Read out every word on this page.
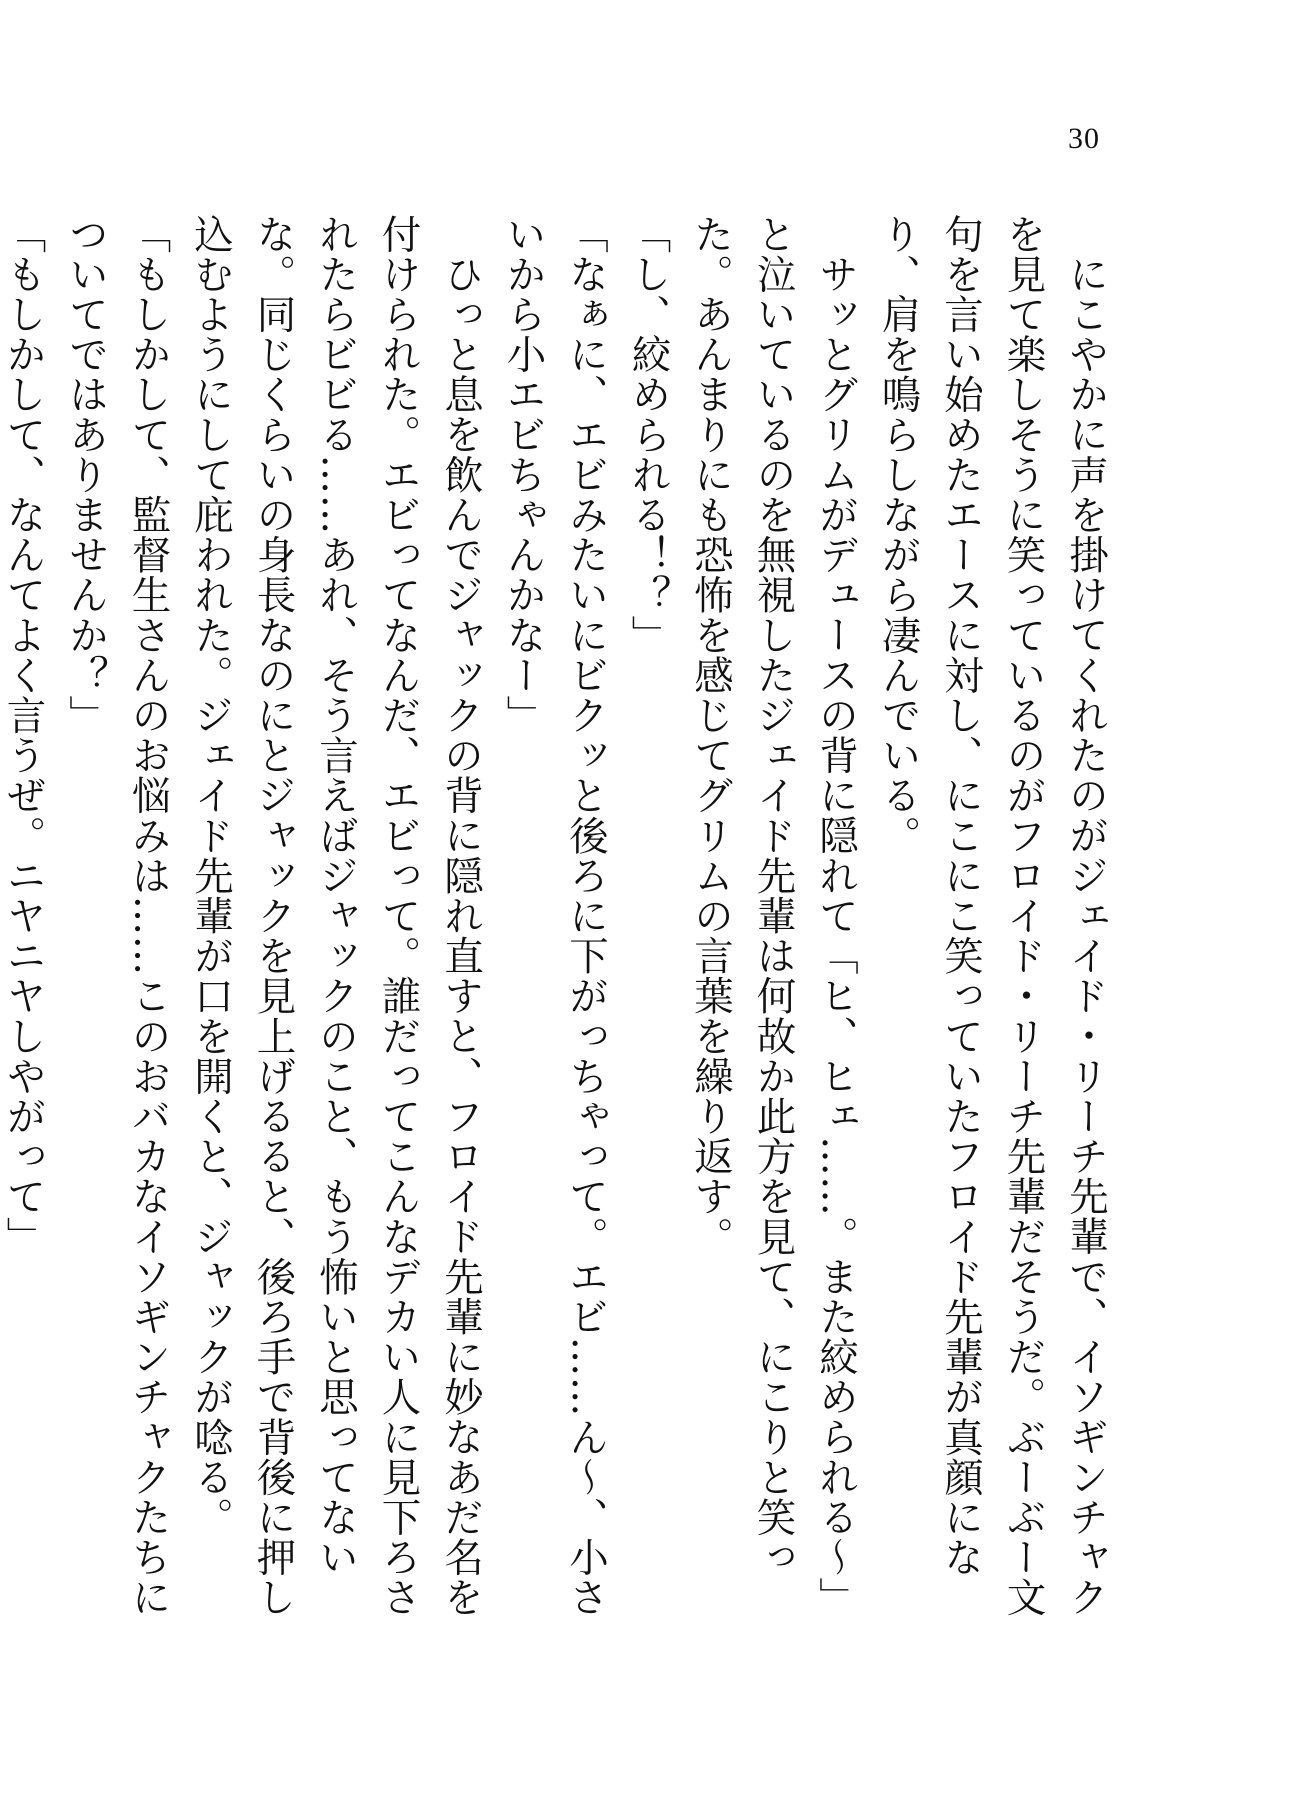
30

にこやかに声を掛けてくれたのがジェイド・リーチ先輩で、イソギンチャクを見て楽しそうに笑っているのがフロイド・リーチ先輩だそうだ。ぶーぶー文句を言い始めたエースに対し、にこにこ笑っていたフロイド先輩が真顔になり、肩を鳴らしながら凄んでいる。

サッとグリムがデュースの背に隠れて「ヒ、ヒェ……。また絞められる～」と泣いているのを無視したジェイド先輩は何故か此方を見て、にこりと笑った。あんまりにも恐怖を感じてグリムの言葉を繰り返す。

「し、絞められる！？」

「なぁに、エビみたいにビクッと後ろに下がっちゃって。エビ……ん～、小さいから小エビちゃんかなー」

ひっと息を飲んでジャックの背に隠れ直すと、フロイド先輩に妙なあだ名を付けられた。エビってなんだ、エビって。誰だってこんなデカい人に見下ろされたらビビる……あれ、そう言えばジャックのこと、もう怖いと思ってないな。同じくらいの身長なのにとジャックを見上げるると、後ろ手で背後に押し込むようにして庇われた。ジェイド先輩が口を開くと、ジャックが唸る。

「もしかして、監督生さんのお悩みは……このおバカなイソギンチャクたちについてではありませんか？」

「もしかして、なんてよく言うぜ。ニヤニヤしやがって」
